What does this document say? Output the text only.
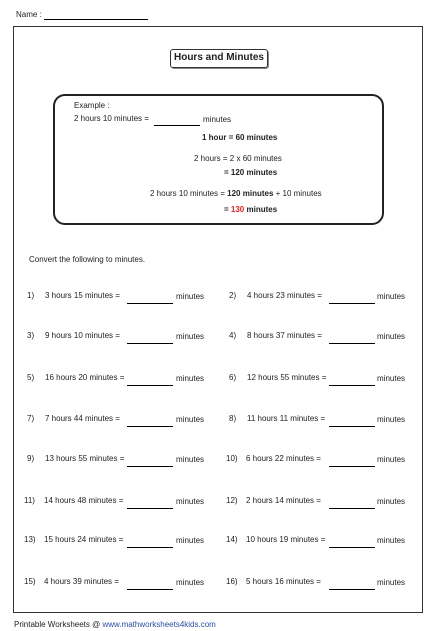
Name :
Hours and Minutes
Example :
2 hours 10 minutes =	minutes
1 hour = 60 minutes
2 hours = 2 x 60 minutes
= 120 minutes
2 hours 10 minutes = 120 minutes + 10 minutes
= 130 minutes
Convert the following to minutes.
1) 3 hours 15 minutes =	minutes	2) 4 hours 23 minutes =	minutes
3) 9 hours 10 minutes =	minutes	4) 8 hours 37 minutes =	minutes
5) 16 hours 20 minutes =	minutes	6) 12 hours 55 minutes =	minutes
7) 7 hours 44 minutes =	minutes	8) 11 hours 11 minutes =	minutes
9) 13 hours 55 minutes =	minutes	10) 6 hours 22 minutes =	minutes
11) 14 hours 48 minutes =	minutes	12) 2 hours 14 minutes =	minutes
13) 15 hours 24 minutes =	minutes	14) 10 hours 19 minutes =	minutes
15) 4 hours 39 minutes =	minutes	16) 5 hours 16 minutes =	minutes
Printable Worksheets @ www.mathworksheets4kids.com
